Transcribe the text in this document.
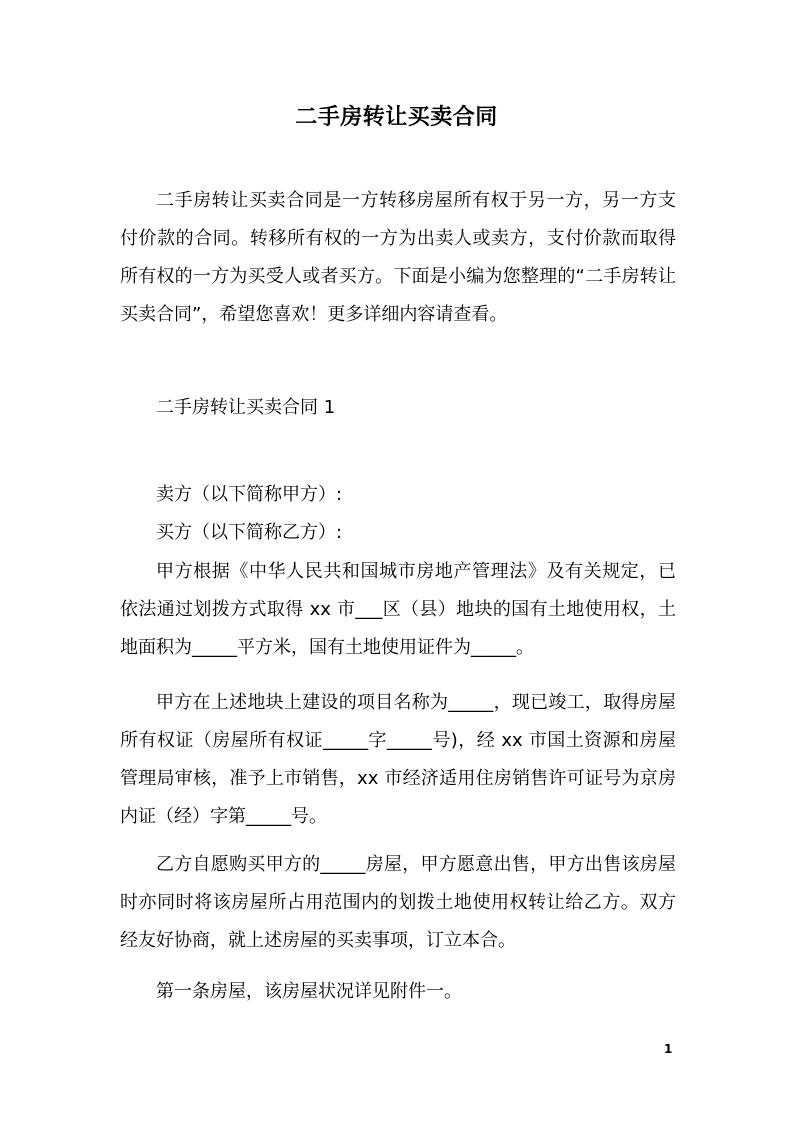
二手房转让买卖合同

二手房转让买卖合同是一方转移房屋所有权于另一方，另一方支付价款的合同。转移所有权的一方为出卖人或卖方，支付价款而取得所有权的一方为买受人或者买方。下面是小编为您整理的“二手房转让买卖合同”，希望您喜欢！更多详细内容请查看。

二手房转让买卖合同 1

卖方（以下简称甲方）:

买方（以下简称乙方）:

甲方根据《中华人民共和国城市房地产管理法》及有关规定，已依法通过划拨方式取得 xx 市___区（县）地块的国有土地使用权，土地面积为_____平方米，国有土地使用证件为_____。

甲方在上述地块上建设的项目名称为_____，现已竣工，取得房屋所有权证（房屋所有权证_____字_____号)，经 xx 市国土资源和房屋管理局审核，准予上市销售，xx 市经济适用住房销售许可证号为京房内证（经）字第_____号。

乙方自愿购买甲方的_____房屋，甲方愿意出售，甲方出售该房屋时亦同时将该房屋所占用范围内的划拨土地使用权转让给乙方。双方经友好协商，就上述房屋的买卖事项，订立本合。

第一条房屋，该房屋状况详见附件一。

1
